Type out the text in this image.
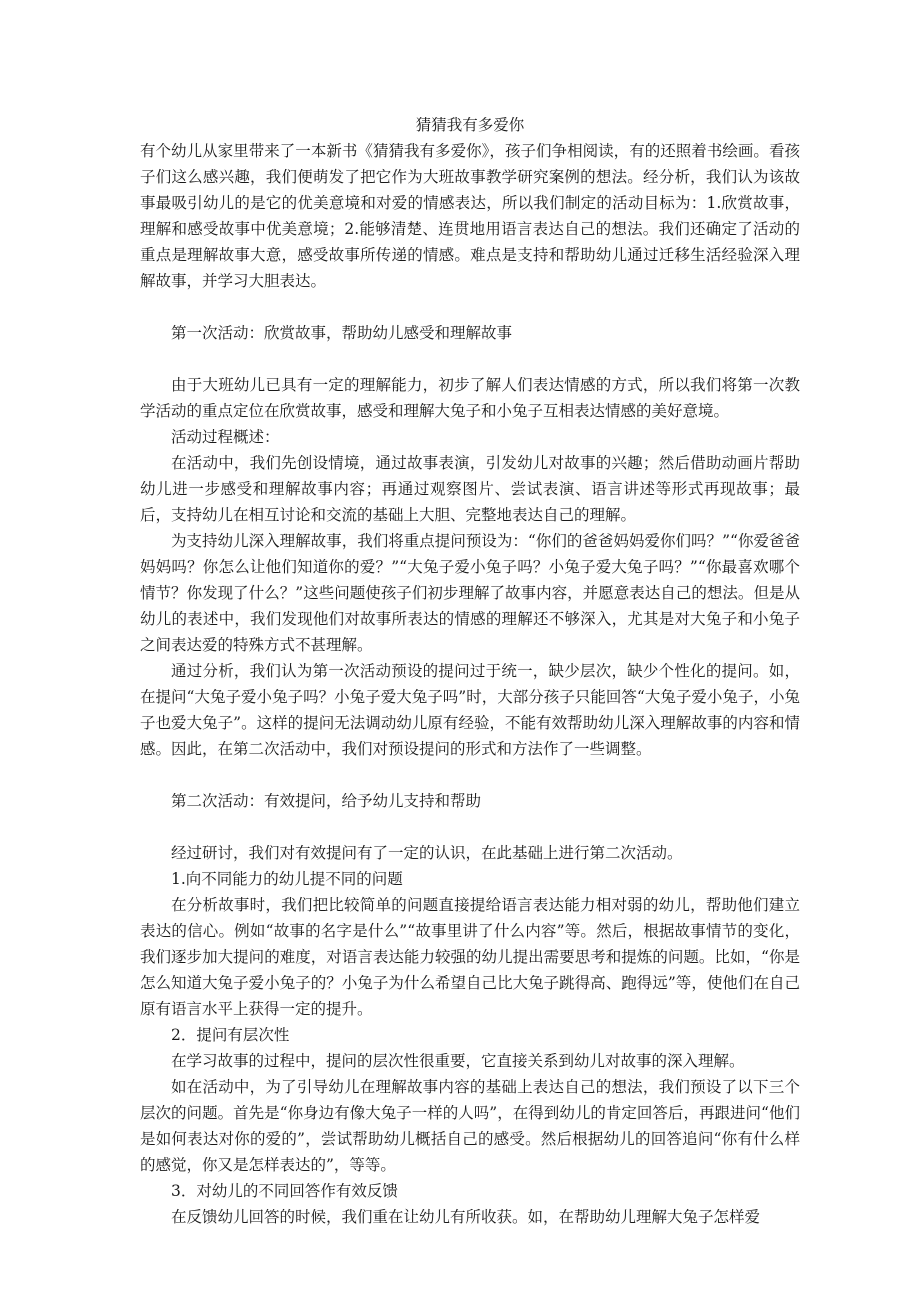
猜猜我有多爱你

有个幼儿从家里带来了一本新书《猜猜我有多爱你》，孩子们争相阅读，有的还照着书绘画。看孩子们这么感兴趣，我们便萌发了把它作为大班故事教学研究案例的想法。经分析，我们认为该故事最吸引幼儿的是它的优美意境和对爱的情感表达，所以我们制定的活动目标为：1.欣赏故事，理解和感受故事中优美意境；2.能够清楚、连贯地用语言表达自己的想法。我们还确定了活动的重点是理解故事大意，感受故事所传递的情感。难点是支持和帮助幼儿通过迁移生活经验深入理解故事，并学习大胆表达。

第一次活动：欣赏故事，帮助幼儿感受和理解故事

由于大班幼儿已具有一定的理解能力，初步了解人们表达情感的方式，所以我们将第一次教学活动的重点定位在欣赏故事，感受和理解大兔子和小兔子互相表达情感的美好意境。

活动过程概述：

在活动中，我们先创设情境，通过故事表演，引发幼儿对故事的兴趣；然后借助动画片帮助幼儿进一步感受和理解故事内容；再通过观察图片、尝试表演、语言讲述等形式再现故事；最后，支持幼儿在相互讨论和交流的基础上大胆、完整地表达自己的理解。

为支持幼儿深入理解故事，我们将重点提问预设为：“你们的爸爸妈妈爱你们吗？”“你爱爸爸妈妈吗？你怎么让他们知道你的爱？”“大兔子爱小兔子吗？小兔子爱大兔子吗？”“你最喜欢哪个情节？你发现了什么？”这些问题使孩子们初步理解了故事内容，并愿意表达自己的想法。但是从幼儿的表述中，我们发现他们对故事所表达的情感的理解还不够深入，尤其是对大兔子和小兔子之间表达爱的特殊方式不甚理解。

通过分析，我们认为第一次活动预设的提问过于统一，缺少层次，缺少个性化的提问。如，在提问“大兔子爱小兔子吗？小兔子爱大兔子吗”时，大部分孩子只能回答“大兔子爱小兔子，小兔子也爱大兔子”。这样的提问无法调动幼儿原有经验，不能有效帮助幼儿深入理解故事的内容和情感。因此，在第二次活动中，我们对预设提问的形式和方法作了一些调整。

第二次活动：有效提问，给予幼儿支持和帮助

经过研讨，我们对有效提问有了一定的认识，在此基础上进行第二次活动。

1.向不同能力的幼儿提不同的问题

在分析故事时，我们把比较简单的问题直接提给语言表达能力相对弱的幼儿，帮助他们建立表达的信心。例如“故事的名字是什么”“故事里讲了什么内容”等。然后，根据故事情节的变化，我们逐步加大提问的难度，对语言表达能力较强的幼儿提出需要思考和提炼的问题。比如，“你是怎么知道大兔子爱小兔子的？小兔子为什么希望自己比大兔子跳得高、跑得远”等，使他们在自己原有语言水平上获得一定的提升。

2．提问有层次性

在学习故事的过程中，提问的层次性很重要，它直接关系到幼儿对故事的深入理解。

如在活动中，为了引导幼儿在理解故事内容的基础上表达自己的想法，我们预设了以下三个层次的问题。首先是“你身边有像大兔子一样的人吗”，在得到幼儿的肯定回答后，再跟进问“他们是如何表达对你的爱的”，尝试帮助幼儿概括自己的感受。然后根据幼儿的回答追问“你有什么样的感觉，你又是怎样表达的”，等等。

3．对幼儿的不同回答作有效反馈

在反馈幼儿回答的时候，我们重在让幼儿有所收获。如，在帮助幼儿理解大兔子怎样爱
